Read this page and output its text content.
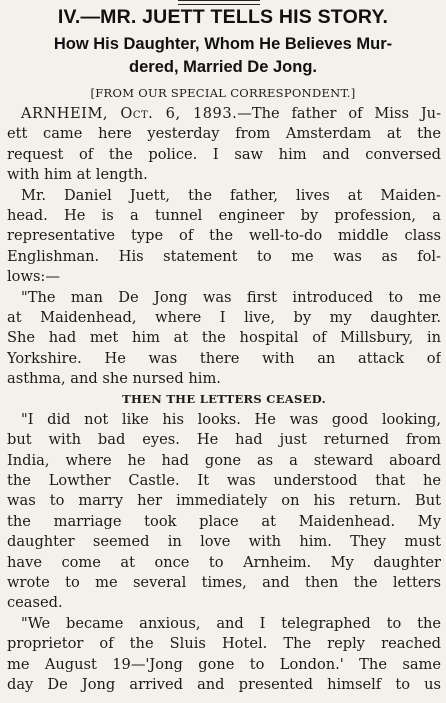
IV.—MR. JUETT TELLS HIS STORY.
How His Daughter, Whom He Believes Mur-
dered, Married De Jong.
[FROM OUR SPECIAL CORRESPONDENT.]
ARNHEIM, Oct. 6, 1893.—The father of Miss Ju-
ett came here yesterday from Amsterdam at the
request of the police. I saw him and conversed
with him at length.
Mr. Daniel Juett, the father, lives at Maiden-
head. He is a tunnel engineer by profession, a
representative type of the well-to-do middle class
Englishman. His statement to me was as fol-
lows:—
"The man De Jong was first introduced to me
at Maidenhead, where I live, by my daughter.
She had met him at the hospital of Millsbury, in
Yorkshire. He was there with an attack of
asthma, and she nursed him.
THEN THE LETTERS CEASED.
"I did not like his looks. He was good looking,
but with bad eyes. He had just returned from
India, where he had gone as a steward aboard
the Lowther Castle. It was understood that he
was to marry her immediately on his return. But
the marriage took place at Maidenhead. My
daughter seemed in love with him. They must
have come at once to Arnheim. My daughter
wrote to me several times, and then the letters
ceased.
"We became anxious, and I telegraphed to the
proprietor of the Sluis Hotel. The reply reached
me August 19—'Jong gone to London.' The same
day De Jong arrived and presented himself to us
